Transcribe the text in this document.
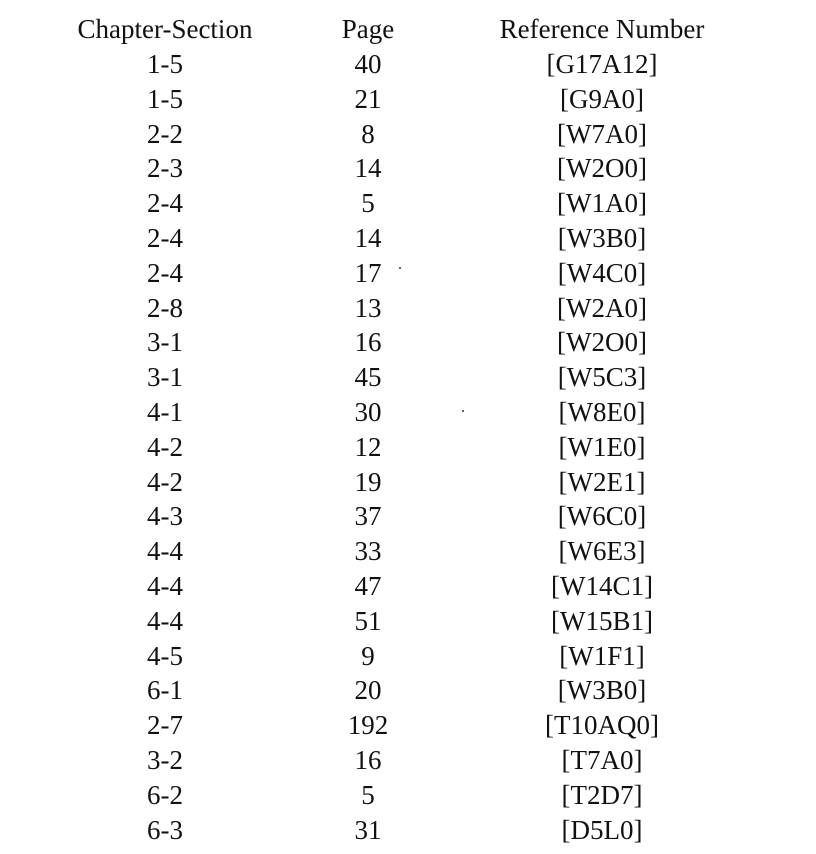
Chapter-Section	Page	Reference Number
1-5	40	[G17A12]
1-5	21	[G9A0]
2-2	8	[W7A0]
2-3	14	[W2O0]
2-4	5	[W1A0]
2-4	14	[W3B0]
2-4	17	[W4C0]
2-8	13	[W2A0]
3-1	16	[W2O0]
3-1	45	[W5C3]
4-1	30	[W8E0]
4-2	12	[W1E0]
4-2	19	[W2E1]
4-3	37	[W6C0]
4-4	33	[W6E3]
4-4	47	[W14C1]
4-4	51	[W15B1]
4-5	9	[W1F1]
6-1	20	[W3B0]
2-7	192	[T10AQ0]
3-2	16	[T7A0]
6-2	5	[T2D7]
6-3	31	[D5L0]
